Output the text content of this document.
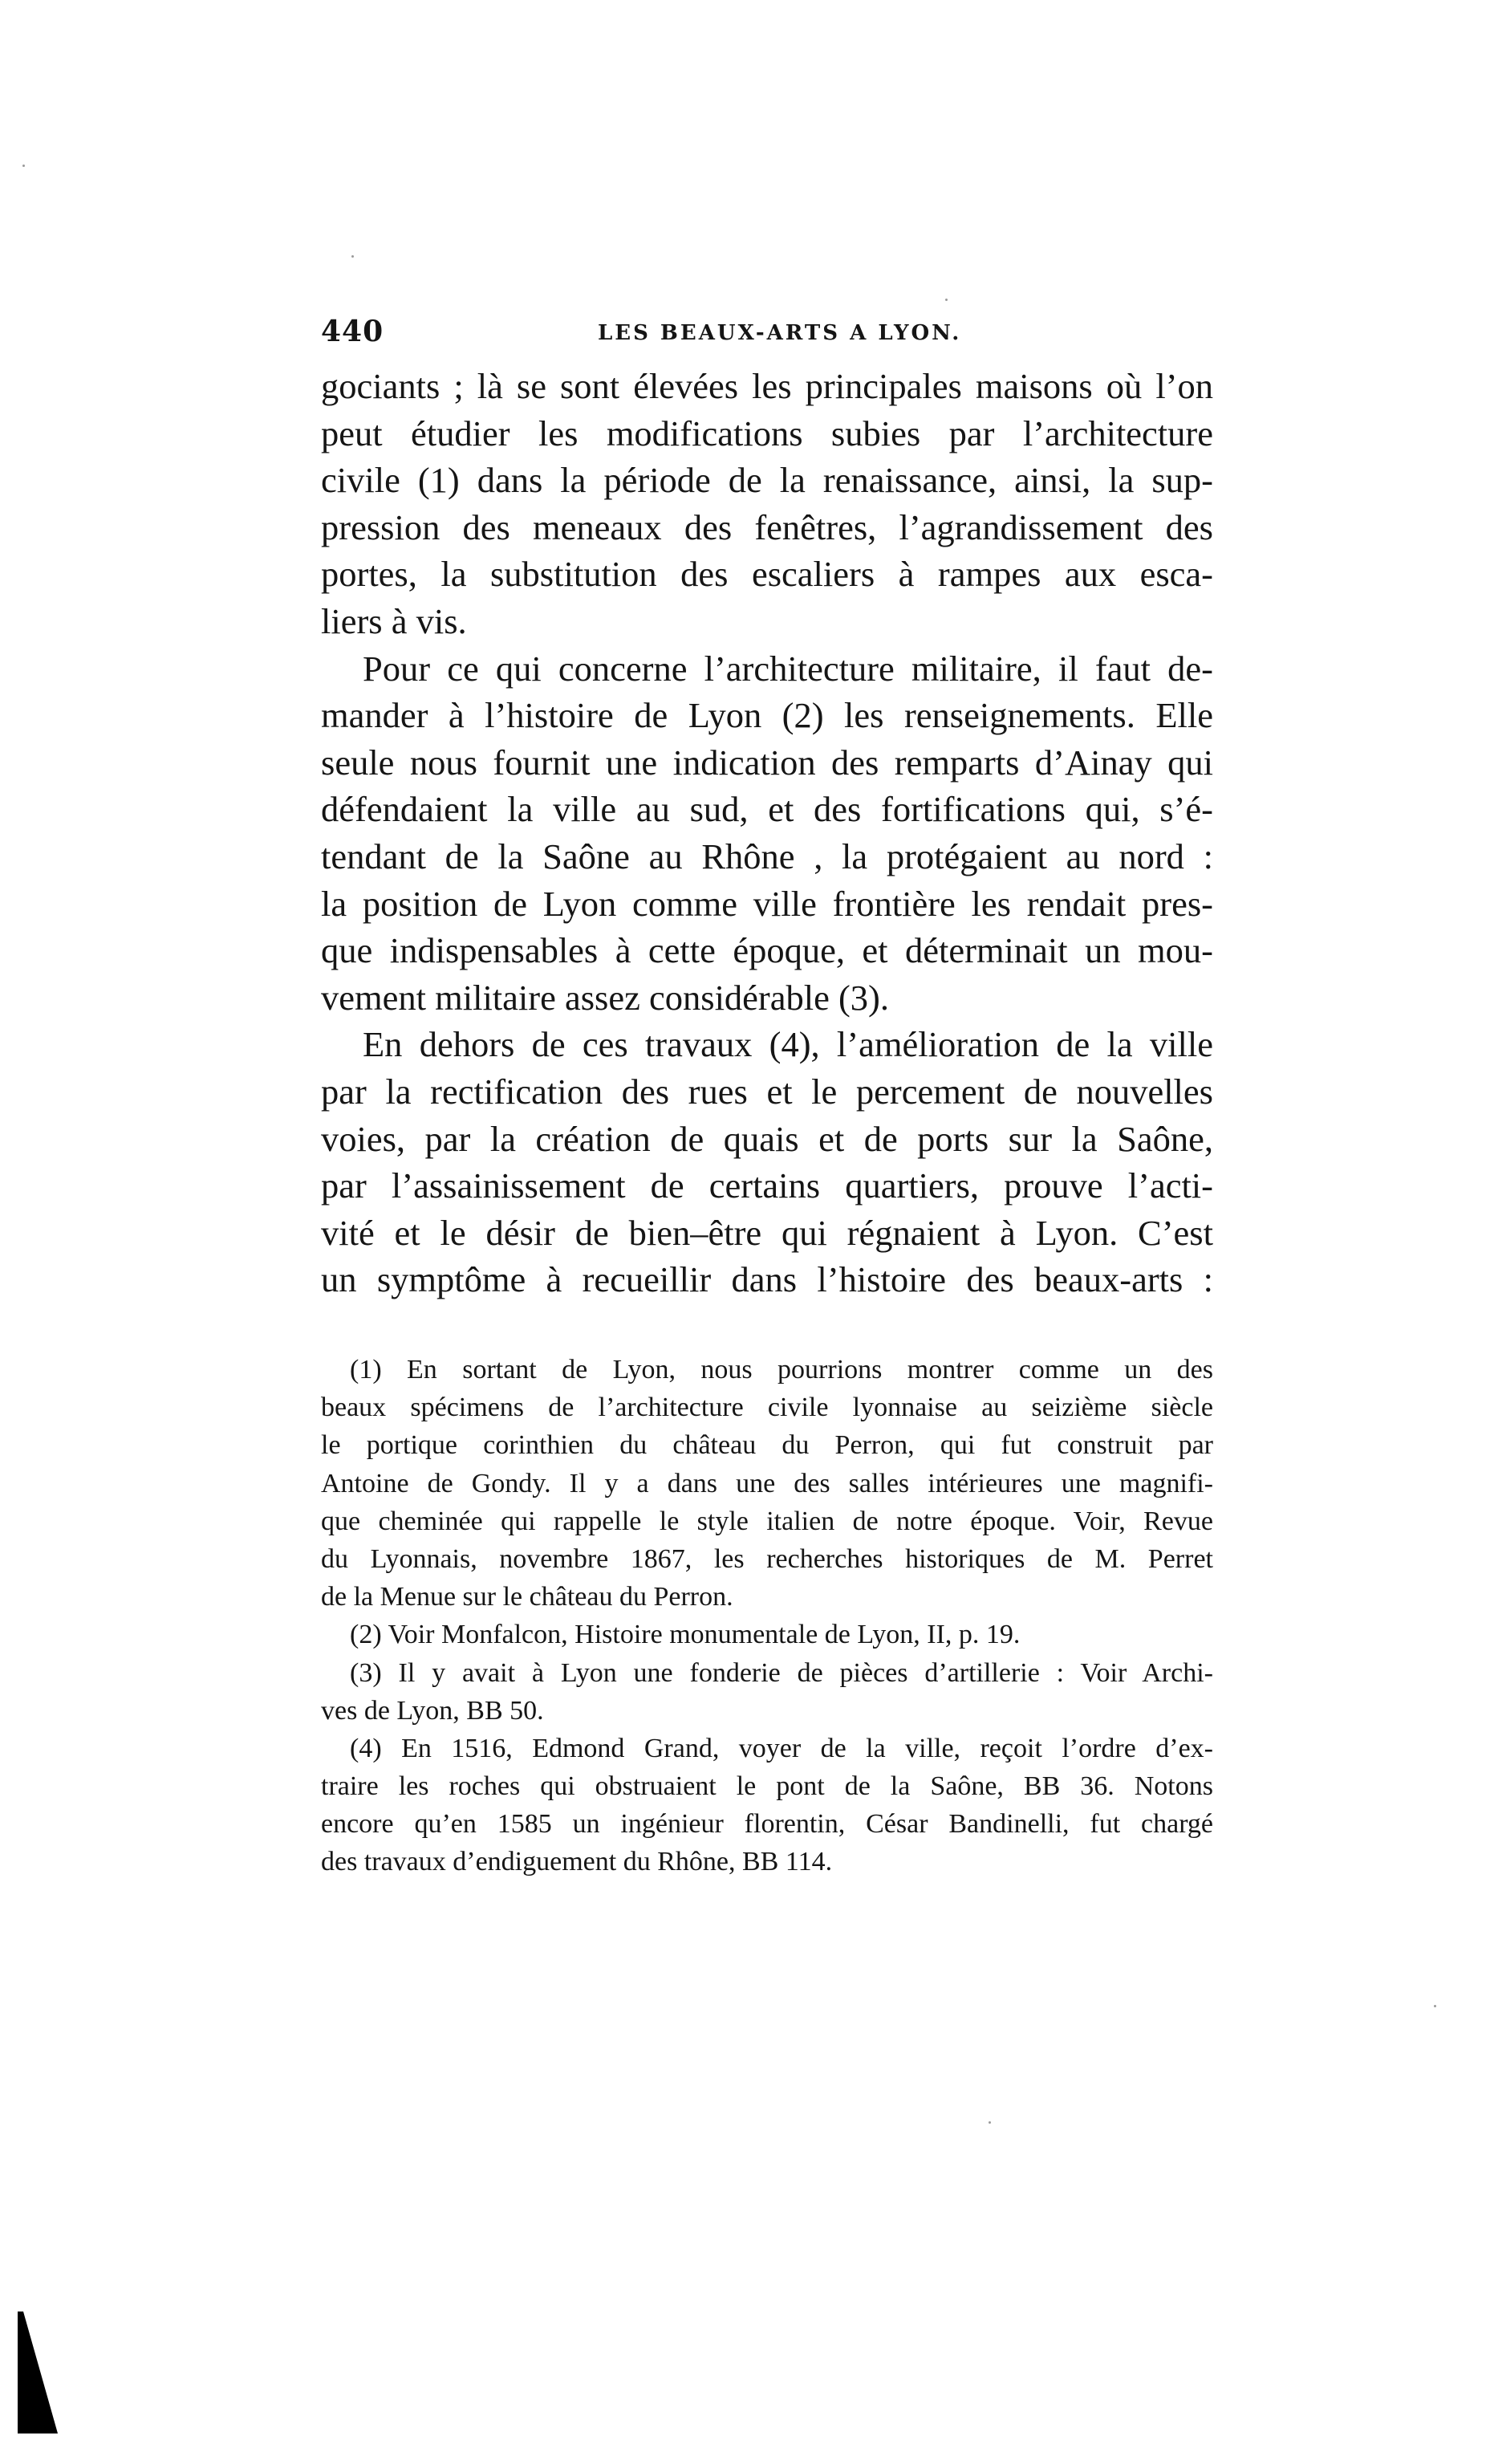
440	LES BEAUX-ARTS A LYON.
gociants ; là se sont élevées les principales maisons où l’on
peut étudier les modifications subies par l’architecture
civile (1) dans la période de la renaissance, ainsi, la sup-
pression des meneaux des fenêtres, l’agrandissement des
portes, la substitution des escaliers à rampes aux esca-
liers à vis.
Pour ce qui concerne l’architecture militaire, il faut de-
mander à l’histoire de Lyon (2) les renseignements. Elle
seule nous fournit une indication des remparts d’Ainay qui
défendaient la ville au sud, et des fortifications qui, s’é-
tendant de la Saône au Rhône , la protégaient au nord :
la position de Lyon comme ville frontière les rendait pres-
que indispensables à cette époque, et déterminait un mou-
vement militaire assez considérable (3).
En dehors de ces travaux (4), l’amélioration de la ville
par la rectification des rues et le percement de nouvelles
voies, par la création de quais et de ports sur la Saône,
par l’assainissement de certains quartiers, prouve l’acti-
vité et le désir de bien–être qui régnaient à Lyon. C’est
un symptôme à recueillir dans l’histoire des beaux-arts :
(1) En sortant de Lyon, nous pourrions montrer comme un des
beaux spécimens de l’architecture civile lyonnaise au seizième siècle
le portique corinthien du château du Perron, qui fut construit par
Antoine de Gondy. Il y a dans une des salles intérieures une magnifi-
que cheminée qui rappelle le style italien de notre époque. Voir, Revue
du Lyonnais, novembre 1867, les recherches historiques de M. Perret
de la Menue sur le château du Perron.
(2) Voir Monfalcon, Histoire monumentale de Lyon, II, p. 19.
(3) Il y avait à Lyon une fonderie de pièces d’artillerie : Voir Archi-
ves de Lyon, BB 50.
(4) En 1516, Edmond Grand, voyer de la ville, reçoit l’ordre d’ex-
traire les roches qui obstruaient le pont de la Saône, BB 36. Notons
encore qu’en 1585 un ingénieur florentin, César Bandinelli, fut chargé
des travaux d’endiguement du Rhône, BB 114.
